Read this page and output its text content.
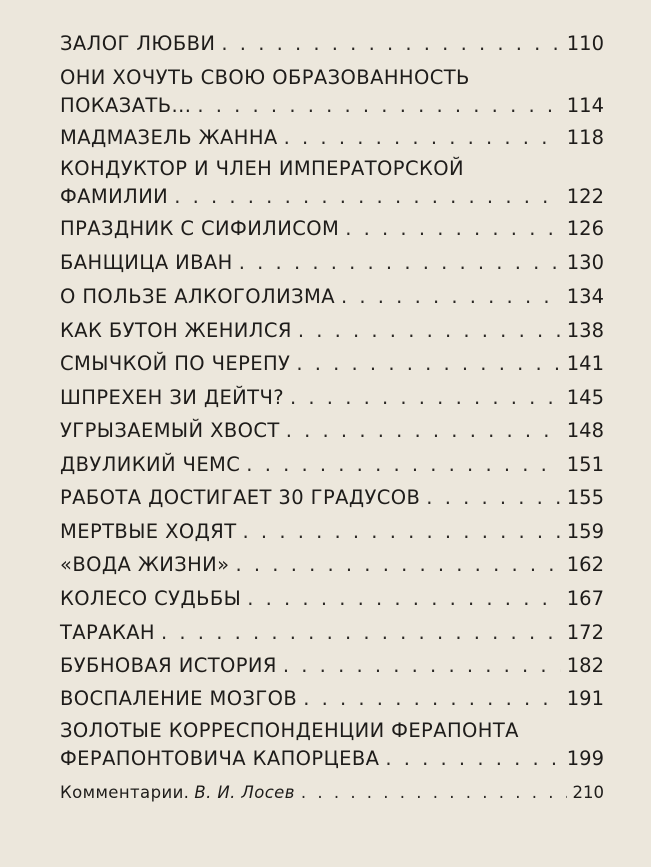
ЗАЛОГ ЛЮБВИ . . .	110
ОНИ ХОЧУТЬ СВОЮ ОБРАЗОВАННОСТЬ
ПОКАЗАТЬ... . . .	114
МАДМАЗЕЛЬ ЖАННА . . .	118
КОНДУКТОР И ЧЛЕН ИМПЕРАТОРСКОЙ
ФАМИЛИИ . . .	122
ПРАЗДНИК С СИФИЛИСОМ . . .	126
БАНЩИЦА ИВАН . . .	130
О ПОЛЬЗЕ АЛКОГОЛИЗМА . . .	134
КАК БУТОН ЖЕНИЛСЯ . . .	138
СМЫЧКОЙ ПО ЧЕРЕПУ . . .	141
ШПРЕХЕН ЗИ ДЕЙТЧ? . . .	145
УГРЫЗАЕМЫЙ ХВОСТ . . .	148
ДВУЛИКИЙ ЧЕМС . . .	151
РАБОТА ДОСТИГАЕТ 30 ГРАДУСОВ . . .	155
МЕРТВЫЕ ХОДЯТ . . .	159
«ВОДА ЖИЗНИ» . . .	162
КОЛЕСО СУДЬБЫ . . .	167
ТАРАКАН . . .	172
БУБНОВАЯ ИСТОРИЯ . . .	182
ВОСПАЛЕНИЕ МОЗГОВ . . .	191
ЗОЛОТЫЕ КОРРЕСПОНДЕНЦИИ ФЕРАПОНТА
ФЕРАПОНТОВИЧА КАПОРЦЕВА . . .	199
Комментарии. В. И. Лосев . . .	210
